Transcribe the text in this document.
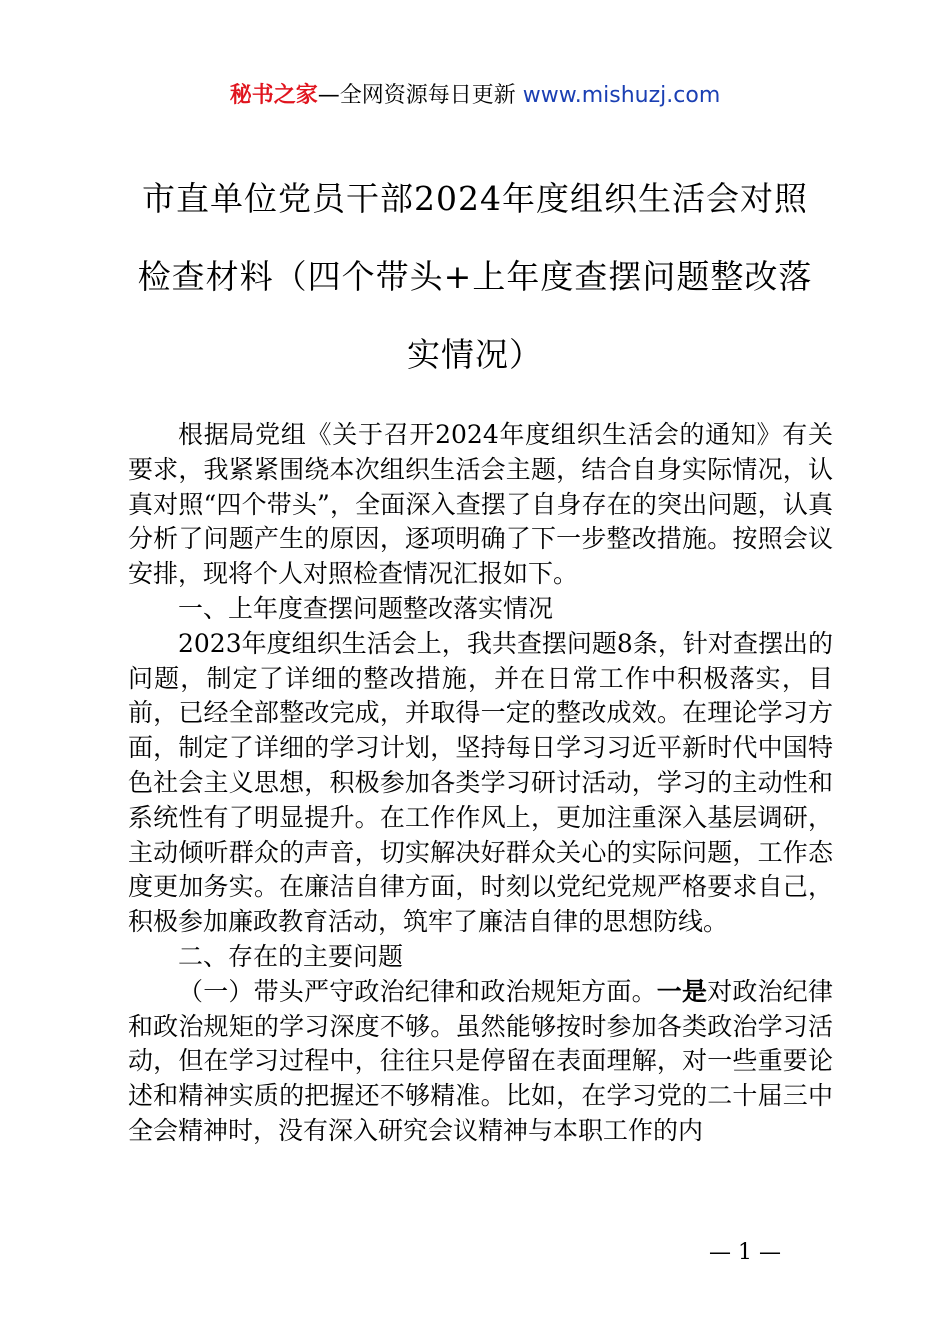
秘书之家—全网资源每日更新 www.mishuzj.com
市直单位党员干部2024年度组织生活会对照
检查材料（四个带头+上年度查摆问题整改落
实情况）

根据局党组《关于召开2024年度组织生活会的通知》有关要求，我紧紧围绕本次组织生活会主题，结合自身实际情况，认真对照“四个带头”，全面深入查摆了自身存在的突出问题，认真分析了问题产生的原因，逐项明确了下一步整改措施。按照会议安排，现将个人对照检查情况汇报如下。

一、上年度查摆问题整改落实情况

2023年度组织生活会上，我共查摆问题8条，针对查摆出的问题，制定了详细的整改措施，并在日常工作中积极落实，目前，已经全部整改完成，并取得一定的整改成效。在理论学习方面，制定了详细的学习计划，坚持每日学习习近平新时代中国特色社会主义思想，积极参加各类学习研讨活动，学习的主动性和系统性有了明显提升。在工作作风上，更加注重深入基层调研，主动倾听群众的声音，切实解决好群众关心的实际问题，工作态度更加务实。在廉洁自律方面，时刻以党纪党规严格要求自己，积极参加廉政教育活动，筑牢了廉洁自律的思想防线。

二、存在的主要问题

（一）带头严守政治纪律和政治规矩方面。一是对政治纪律和政治规矩的学习深度不够。虽然能够按时参加各类政治学习活动，但在学习过程中，往往只是停留在表面理解，对一些重要论述和精神实质的把握还不够精准。比如，在学习党的二十届三中全会精神时，没有深入研究会议精神与本职工作的内

— 1 —
